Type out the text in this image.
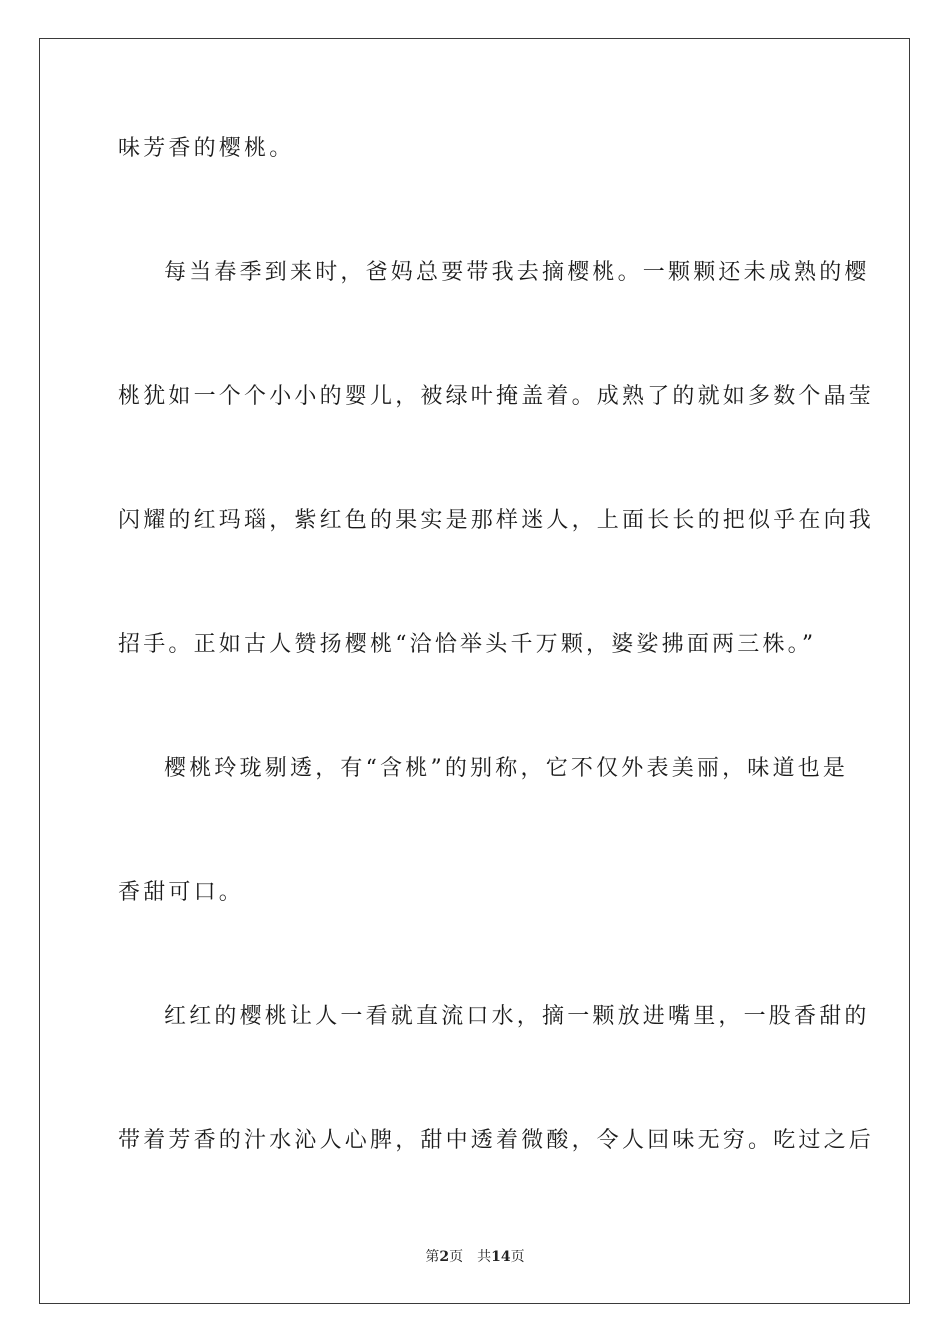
味芳香的樱桃。
每当春季到来时，爸妈总要带我去摘樱桃。一颗颗还未成熟的樱
桃犹如一个个小小的婴儿，被绿叶掩盖着。成熟了的就如多数个晶莹
闪耀的红玛瑙，紫红色的果实是那样迷人，上面长长的把似乎在向我
招手。正如古人赞扬樱桃“洽恰举头千万颗，婆娑拂面两三株。”
樱桃玲珑剔透，有“含桃”的别称，它不仅外表美丽，味道也是
香甜可口。
红红的樱桃让人一看就直流口水，摘一颗放进嘴里，一股香甜的
带着芳香的汁水沁人心脾，甜中透着微酸，令人回味无穷。吃过之后
第2页 共14页
